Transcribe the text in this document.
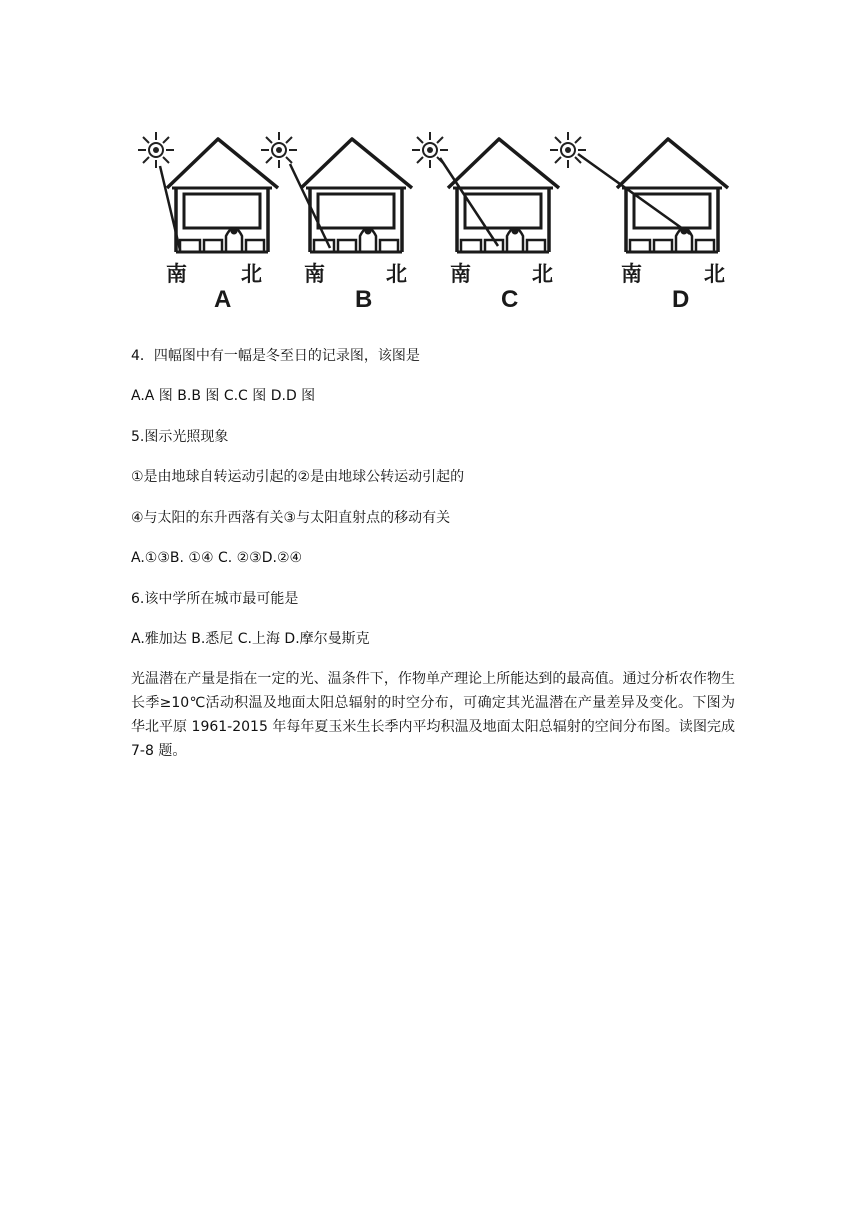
南	北
A
南	北
B
南	北
C
南	北
D
4．四幅图中有一幅是冬至日的记录图，该图是
A.A 图 B.B 图 C.C 图 D.D 图
5.图示光照现象
①是由地球自转运动引起的②是由地球公转运动引起的
④与太阳的东升西落有关③与太阳直射点的移动有关
A.①③B. ①④ C. ②③D.②④
6.该中学所在城市最可能是
A.雅加达 B.悉尼 C.上海 D.摩尔曼斯克
光温潜在产量是指在一定的光、温条件下，作物单产理论上所能达到的最高值。通过分析农作物生长季≥10℃活动积温及地面太阳总辐射的时空分布，可确定其光温潜在产量差异及变化。下图为华北平原 1961-2015 年每年夏玉米生长季内平均积温及地面太阳总辐射的空间分布图。读图完成 7-8 题。
